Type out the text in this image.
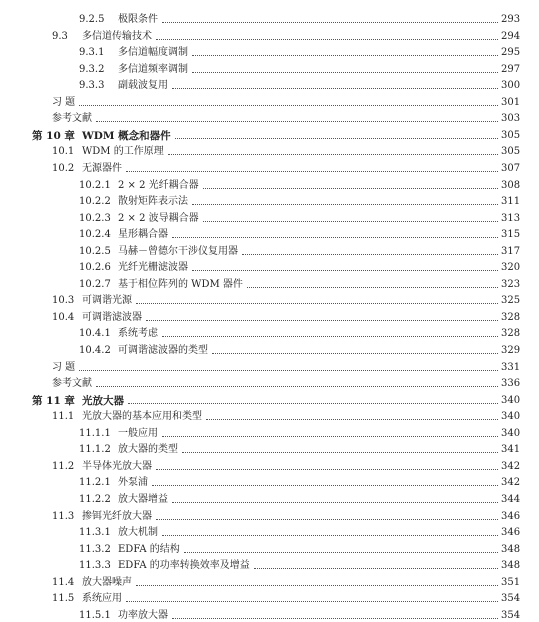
9.2.5	极限条件	293
9.3	多信道传输技术	294
9.3.1	多信道幅度调制	295
9.3.2	多信道频率调制	297
9.3.3	副载波复用	300
习 题	301
参考文献	303
第 10 章 WDM 概念和器件	305
10.1 WDM 的工作原理	305
10.2 无源器件	307
10.2.1 2 × 2 光纤耦合器	308
10.2.2 散射矩阵表示法	311
10.2.3 2 × 2 波导耦合器	313
10.2.4 星形耦合器	315
10.2.5 马赫－曾德尔干涉仪复用器	317
10.2.6 光纤光栅滤波器	320
10.2.7 基于相位阵列的 WDM 器件	323
10.3 可调谐光源	325
10.4 可调谐滤波器	328
10.4.1 系统考虑	328
10.4.2 可调谐滤波器的类型	329
习 题	331
参考文献	336
第 11 章 光放大器	340
11.1 光放大器的基本应用和类型	340
11.1.1 一般应用	340
11.1.2 放大器的类型	341
11.2 半导体光放大器	342
11.2.1 外泵浦	342
11.2.2 放大器增益	344
11.3 掺铒光纤放大器	346
11.3.1 放大机制	346
11.3.2 EDFA 的结构	348
11.3.3 EDFA 的功率转换效率及增益	348
11.4 放大器噪声	351
11.5 系统应用	354
11.5.1 功率放大器	354
